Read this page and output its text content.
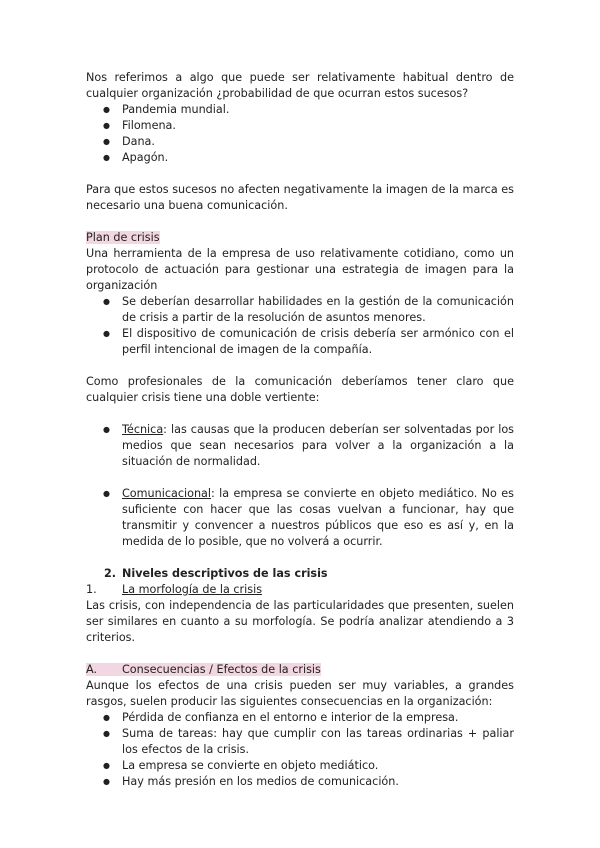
Nos referimos a algo que puede ser relativamente habitual dentro de cualquier organización ¿probabilidad de que ocurran estos sucesos?

● Pandemia mundial.
● Filomena.
● Dana.
● Apagón.

Para que estos sucesos no afecten negativamente la imagen de la marca es necesario una buena comunicación.

Plan de crisis

Una herramienta de la empresa de uso relativamente cotidiano, como un protocolo de actuación para gestionar una estrategia de imagen para la organización

● Se deberían desarrollar habilidades en la gestión de la comunicación de crisis a partir de la resolución de asuntos menores.
● El dispositivo de comunicación de crisis debería ser armónico con el perfil intencional de imagen de la compañía.

Como profesionales de la comunicación deberíamos tener claro que cualquier crisis tiene una doble vertiente:

● Técnica: las causas que la producen deberían ser solventadas por los medios que sean necesarios para volver a la organización a la situación de normalidad.
● Comunicacional: la empresa se convierte en objeto mediático. No es suficiente con hacer que las cosas vuelvan a funcionar, hay que transmitir y convencer a nuestros públicos que eso es así y, en la medida de lo posible, que no volverá a ocurrir.

2. Niveles descriptivos de las crisis

1. La morfología de la crisis

Las crisis, con independencia de las particularidades que presenten, suelen ser similares en cuanto a su morfología. Se podría analizar atendiendo a 3 criterios.

A. Consecuencias / Efectos de la crisis

Aunque los efectos de una crisis pueden ser muy variables, a grandes rasgos, suelen producir las siguientes consecuencias en la organización:

● Pérdida de confianza en el entorno e interior de la empresa.
● Suma de tareas: hay que cumplir con las tareas ordinarias + paliar los efectos de la crisis.
● La empresa se convierte en objeto mediático.
● Hay más presión en los medios de comunicación.
